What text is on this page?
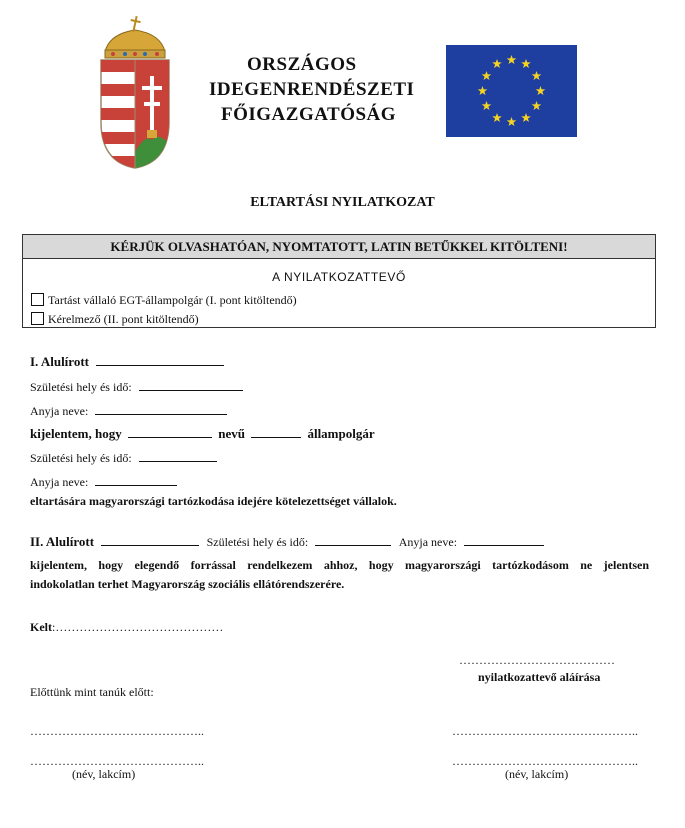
ORSZÁGOS
IDEGENRENDÉSZETI
FŐIGAZGATÓSÁG
ELTARTÁSI NYILATKOZAT
KÉRJÜK OLVASHATÓAN, NYOMTATOTT, LATIN BETŰKKEL KITÖLTENI!
A NYILATKOZATTEVŐ
Tartást vállaló EGT-állampolgár (I. pont kitöltendő)
Kérelmező (II. pont kitöltendő)
I. Alulírott
Születési hely és idő:
Anyja neve:
kijelentem, hogy	nevű	állampolgár
Születési hely és idő:
Anyja neve:
eltartására magyarországi tartózkodása idejére kötelezettséget vállalok.
II. Alulírott	Születési hely és idő:	Anyja neve:
kijelentem, hogy elegendő forrással rendelkezem ahhoz, hogy magyarországi tartózkodásom ne jelentsen
indokolatlan terhet Magyarország szociális ellátórendszerére.
Kelt:……………………………………
…………………………………
nyilatkozattevő aláírása
Előttünk mint tanúk előtt:
……………………………………..	………………………………………..
……………………………………..	………………………………………..
(név, lakcím)	(név, lakcím)
